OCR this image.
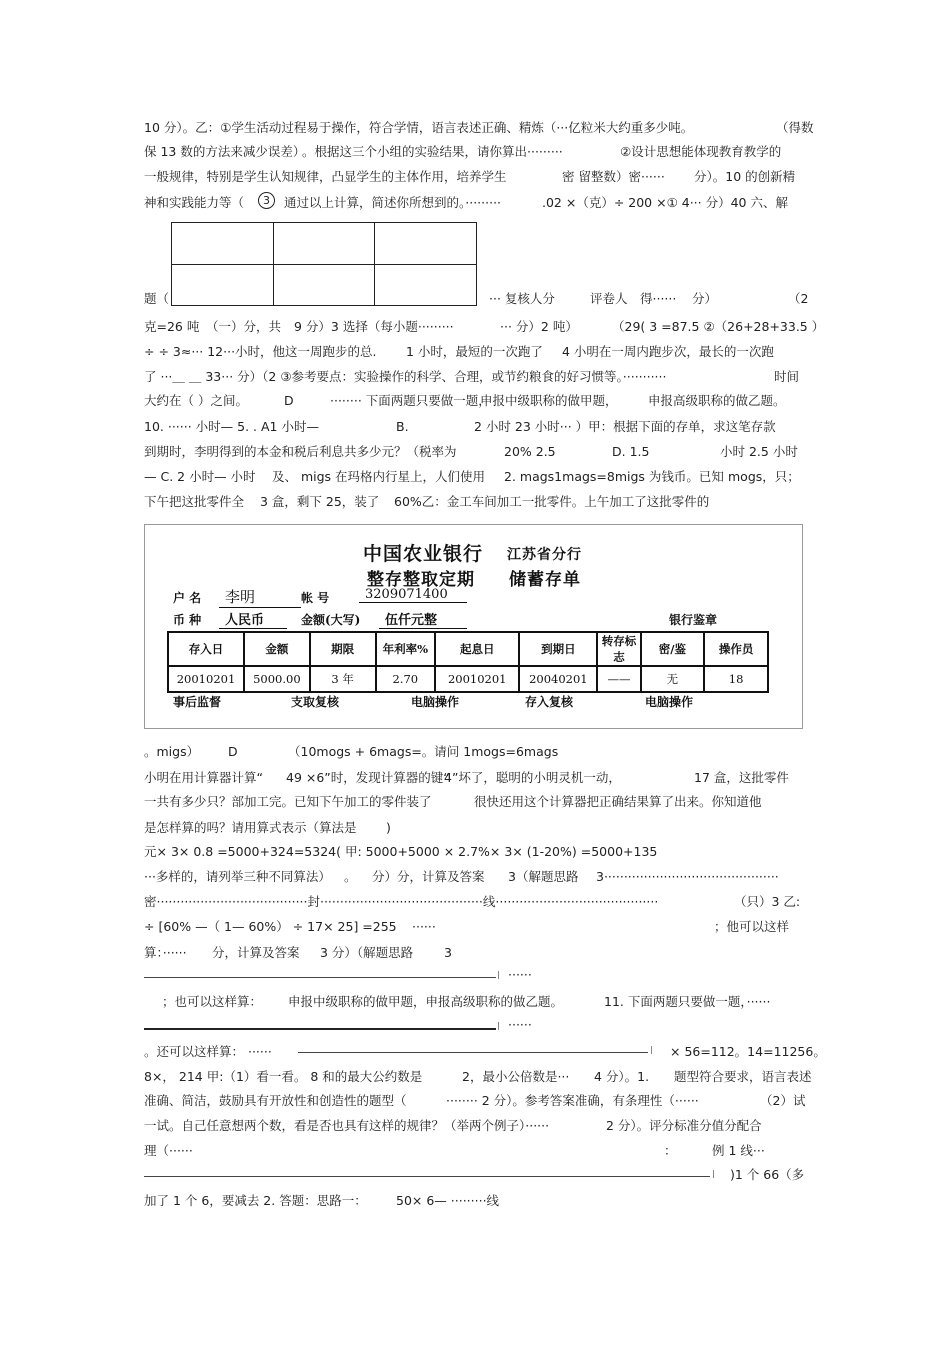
10 分）。乙：①学生活动过程易于操作，符合学情，语言表述正确、精炼（···亿粒米大约重多少吨。	（得数
保 13 数的方法来减少误差）
。根据这三个小组的实验结果，请你算出·········	②设计思想能体现教育教学的
一般规律，特别是学生认知规律，凸显学生的主体作用，培养学生	密 留整数）密······ 分）。10 的创新精
神和实践能力等（	3	通过以上计算，简述你所想到的。·········	.02 ×（克）÷ 200 ×① 4··· 分）40 六、解

题（	··· 复核人分	评卷人 得······ 分）	（2
克=26 吨 （一）分，共 9 分）3 选择（每小题·········	··· 分）2 吨）	（29( 3 =87.5 ②（26+28+33.5 ）
÷ ÷ 3≈··· 12···小时，他这一周跑步的总. 1 小时，最短的一次跑了 4 小明在一周内跑步次，最长的一次跑
了 ···＿ ＿ 33··· 分）（2 ③参考要点：实验操作的科学、合理，或节约粮食的好习惯等。···········	时间
大约在（ ）之间。	D	········ 下面两题只要做一题，
申报中级职称的做甲题， 申报高级职称的做乙题。
10. ······ 小时— 5. . A1 小时—	B.	2 小时 23 小时··· ）甲：根据下面的存单，求这笔存款
到期时，李明得到的本金和税后利息共多少元？（税率为	20% 2.5	D. 1.5	小时 2.5 小时
— C. 2 小时— 小时 及、 migs 在玛格内行星上，人们使用 2. mags1mags=8migs 为钱币。已知 mogs，只；
下午把这批零件全 3 盒，剩下 25，装了 60%乙：金工车间加工一批零件。上午加工了这批零件的
中国农业银行 江苏省分行
整存整取定期 储蓄存单
户 名	李明	帐 号	3209071400
币 种	人民币	金额(大写)	伍仟元整	银行鉴章
存入日	金额	期限	年利率%	起息日	到期日	转存标志	密/鉴	操作员
20010201	5000.00	3 年	2.70	20010201	20040201	——	无	18
事后监督	支取复核	电脑操作	存入复核	电脑操作
。migs） D	（10mogs + 6mags=。请问 1mogs=6mags
小明在用计算器计算“ 49 ×6”时，发现计算器的键“
4”坏了，聪明的小明灵机一动，	17 盒，这批零件
一共有多少只？部加工完。已知下午加工的零件装了	很快还用这个计算器把正确结果算了出来。你知道他
是怎样算的吗？请用算式表示（算法是 )
元× 3× 0.8 =5000+324=5324( 甲: 5000+5000 × 2.7%× 3× (1-20%) =5000+135
···多样的，请列举三种不同算法） 。 分）分，计算及答案 3（解题思路 3············································
密······································封·········································线·········································	（只）3 乙:
÷ [60% —（ 1— 60%） ÷ 17× 25] =255 ······	；他可以这样
算：······ 分，计算及答案 3 分）（解题思路 3
······
；也可以这样算： 申报中级职称的做甲题，申报高级职称的做乙题。	11. 下面两题只要做一题，······
······
。还可以这样算： ······	× 56=112。14=11256。
8×， 214 甲:（1）看一看。 8 和的最大公约数是	2，最小公倍数是··· 4 分）。1. 题型符合要求，语言表述
准确、简洁，鼓励具有开放性和创造性的题型（	········ 2 分）。参考答案准确，有条理性（······	（2）试
一试。自己任意想两个数，看是否也具有这样的规律？（举两个例子）······	2 分）。评分标准分值分配合
理（······	：	例 1 线···
)1 个 66（多
加了 1 个 6，要减去 2. 答题：思路一： 50× 6— ·········线
